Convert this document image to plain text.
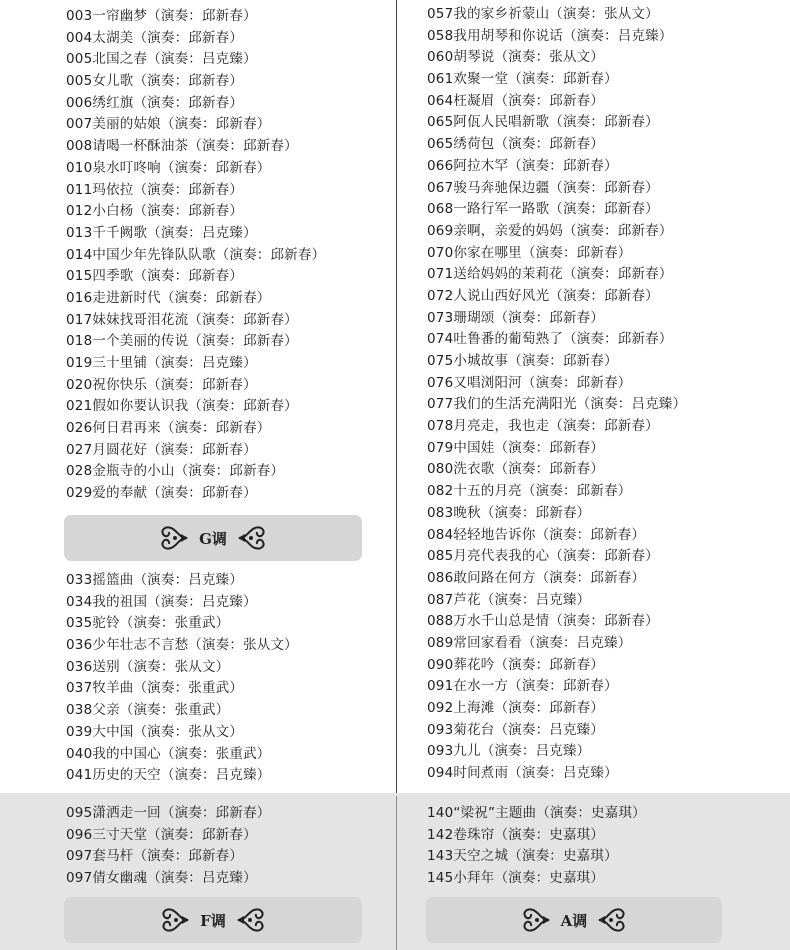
003一帘幽梦（演奏：邱新春）
004太湖美（演奏：邱新春）
005北国之春（演奏：吕克臻）
005女儿歌（演奏：邱新春）
006绣红旗（演奏：邱新春）
007美丽的姑娘（演奏：邱新春）
008请喝一杯酥油茶（演奏：邱新春）
010泉水叮咚响（演奏：邱新春）
011玛依拉（演奏：邱新春）
012小白杨（演奏：邱新春）
013千千阙歌（演奏：吕克臻）
014中国少年先锋队队歌（演奏：邱新春）
015四季歌（演奏：邱新春）
016走进新时代（演奏：邱新春）
017妹妹找哥泪花流（演奏：邱新春）
018一个美丽的传说（演奏：邱新春）
019三十里铺（演奏：吕克臻）
020祝你快乐（演奏：邱新春）
021假如你要认识我（演奏：邱新春）
026何日君再来（演奏：邱新春）
027月圆花好（演奏：邱新春）
028金瓶寺的小山（演奏：邱新春）
029爱的奉献（演奏：邱新春）
G调
033摇篮曲（演奏：吕克臻）
034我的祖国（演奏：吕克臻）
035驼铃（演奏：张重武）
036少年壮志不言愁（演奏：张从文）
036送别（演奏：张从文）
037牧羊曲（演奏：张重武）
038父亲（演奏：张重武）
039大中国（演奏：张从文）
040我的中国心（演奏：张重武）
041历史的天空（演奏：吕克臻）
057我的家乡祈蒙山（演奏：张从文）
058我用胡琴和你说话（演奏：吕克臻）
060胡琴说（演奏：张从文）
061欢聚一堂（演奏：邱新春）
064枉凝眉（演奏：邱新春）
065阿佤人民唱新歌（演奏：邱新春）
065绣荷包（演奏：邱新春）
066阿拉木罕（演奏：邱新春）
067骏马奔驰保边疆（演奏：邱新春）
068一路行军一路歌（演奏：邱新春）
069亲啊，亲爱的妈妈（演奏：邱新春）
070你家在哪里（演奏：邱新春）
071送给妈妈的茉莉花（演奏：邱新春）
072人说山西好风光（演奏：邱新春）
073珊瑚颂（演奏：邱新春）
074吐鲁番的葡萄熟了（演奏：邱新春）
075小城故事（演奏：邱新春）
076又唱浏阳河（演奏：邱新春）
077我们的生活充满阳光（演奏：吕克臻）
078月亮走，我也走（演奏：邱新春）
079中国娃（演奏：邱新春）
080洗衣歌（演奏：邱新春）
082十五的月亮（演奏：邱新春）
083晚秋（演奏：邱新春）
084轻轻地告诉你（演奏：邱新春）
085月亮代表我的心（演奏：邱新春）
086敢问路在何方（演奏：邱新春）
087芦花（演奏：吕克臻）
088万水千山总是情（演奏：邱新春）
089常回家看看（演奏：吕克臻）
090葬花吟（演奏：邱新春）
091在水一方（演奏：邱新春）
092上海滩（演奏：邱新春）
093菊花台（演奏：吕克臻）
093九儿（演奏：吕克臻）
094时间煮雨（演奏：吕克臻）
095潇洒走一回（演奏：邱新春）
096三寸天堂（演奏：邱新春）
097套马杆（演奏：邱新春）
097倩女幽魂（演奏：吕克臻）
F调
140“梁祝”主题曲（演奏：史嘉琪）
142卷珠帘（演奏：史嘉琪）
143天空之城（演奏：史嘉琪）
145小拜年（演奏：史嘉琪）
A调
